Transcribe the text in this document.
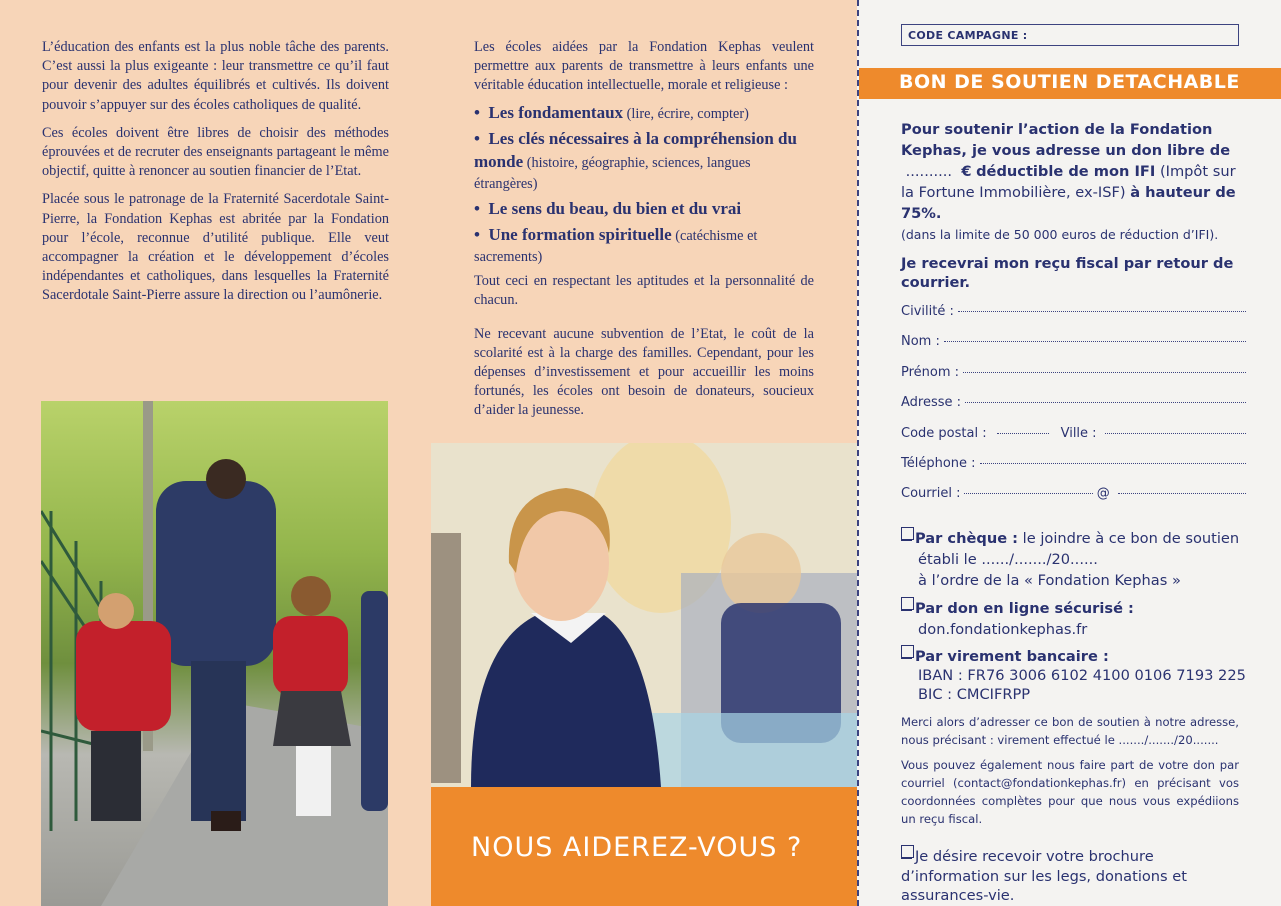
L’éducation des enfants est la plus noble tâche des parents. C’est aussi la plus exigeante : leur transmettre ce qu’il faut pour devenir des adultes équilibrés et cultivés. Ils doivent pouvoir s’appuyer sur des écoles catholiques de qualité.

Ces écoles doivent être libres de choisir des méthodes éprouvées et de recruter des enseignants partageant le même objectif, quitte à renoncer au soutien financier de l’Etat.

Placée sous le patronage de la Fraternité Sacerdotale Saint-Pierre, la Fondation Kephas est abritée par la Fondation pour l’école, reconnue d’utilité publique. Elle veut accompagner la création et le développement d’écoles indépendantes et catholiques, dans lesquelles la Fraternité Sacerdotale Saint-Pierre assure la direction ou l’aumônerie.

Les écoles aidées par la Fondation Kephas veulent permettre aux parents de transmettre à leurs enfants une véritable éducation intellectuelle, morale et religieuse :

•  Les fondamentaux (lire, écrire, compter)
•  Les clés nécessaires à la compréhension du monde (histoire, géographie, sciences, langues étrangères)
•  Le sens du beau, du bien et du vrai
•  Une formation spirituelle (catéchisme et sacrements)

Tout ceci en respectant les aptitudes et la personnalité de chacun.

Ne recevant aucune subvention de l’Etat, le coût de la scolarité est à la charge des familles. Cependant, pour les dépenses d’investissement et pour accueillir les moins fortunés, les écoles ont besoin de donateurs, soucieux d’aider la jeunesse.

NOUS AIDEREZ-VOUS ?
CODE CAMPAGNE :
BON DE SOUTIEN DETACHABLE
Pour soutenir l’action de la Fondation Kephas, je vous adresse un don libre de  .......... € déductible de mon IFI (Impôt sur la Fortune Immobilière, ex-ISF) à hauteur de 75%.
(dans la limite de 50 000 euros de réduction d’IFI).
Je recevrai mon reçu fiscal par retour de courrier.
Civilité :
Nom :
Prénom :
Adresse :
Code postal :	Ville :
Téléphone :
Courriel :	@
Par chèque : le joindre à ce bon de soutien
établi le ....../......./20......
à l’ordre de la « Fondation Kephas »
Par don en ligne sécurisé :
don.fondationkephas.fr
Par virement bancaire :
IBAN : FR76 3006 6102 4100 0106 7193 225
BIC : CMCIFRPP
Merci alors d’adresser ce bon de soutien à notre adresse, nous précisant : virement effectué le ......./......./20.......
Vous pouvez également nous faire part de votre don par courriel (contact@fondationkephas.fr) en précisant vos coordonnées complètes pour que nous vous expédiions un reçu fiscal.
Je désire recevoir votre brochure d’information sur les legs, donations et assurances-vie.
